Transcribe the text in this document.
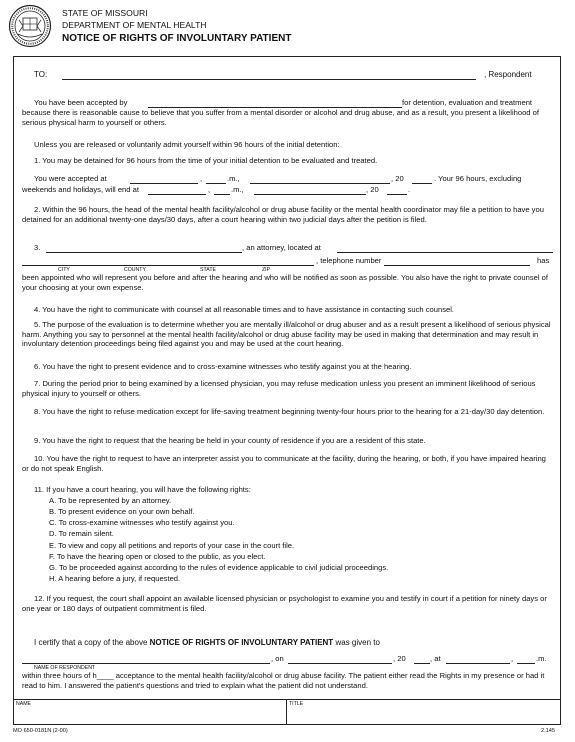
STATE OF MISSOURI
DEPARTMENT OF MENTAL HEALTH
NOTICE OF RIGHTS OF INVOLUNTARY PATIENT
TO:	, Respondent
You have been accepted by	for detention, evaluation and treatment
because there is reasonable cause to believe that you suffer from a mental disorder or alcohol and drug abuse, and as a result, you present a likelihood of serious physical harm to yourself or others.
Unless you are released or voluntarily admit yourself within 96 hours of the initial detention:
1. You may be detained for 96 hours from the time of your initial detention to be evaluated and treated.
You were accepted at	,	.m.,	, 20	. Your 96 hours, excluding
weekends and holidays, will end at	,	.m.,	, 20	.
2. Within the 96 hours, the head of the mental health facility/alcohol or drug abuse facility or the mental health coordinator may file a petition to have you detained for an additional twenty-one days/30 days, after a court hearing within two judicial days after the petition is filed.
3.	, an attorney, located at
, telephone number	has
CITY	COUNTY	STATE	ZIP
been appointed who will represent you before and after the hearing and who will be notified as soon as possible. You also have the right to private counsel of your choosing at your own expense.
4. You have the right to communicate with counsel at all reasonable times and to have assistance in contacting such counsel.
5. The purpose of the evaluation is to determine whether you are mentally ill/alcohol or drug abuser and as a result present a likelihood of serious physical harm. Anything you say to personnel at the mental health facility/alcohol or drug abuse facility may be used in making that determination and may result in involuntary detention proceedings being filed against you and may be used at the court hearing.
6. You have the right to present evidence and to cross-examine witnesses who testify against you at the hearing.
7. During the period prior to being examined by a licensed physician, you may refuse medication unless you present an imminent likelihood of serious physical injury to yourself or others.
8. You have the right to refuse medication except for life-saving treatment beginning twenty-four hours prior to the hearing for a 21-day/30 day detention.
9. You have the right to request that the hearing be held in your county of residence if you are a resident of this state.
10. You have the right to request to have an interpreter assist you to communicate at the facility, during the hearing, or both, if you have impaired hearing or do not speak English.
11. If you have a court hearing, you will have the following rights:
A. To be represented by an attorney.
B. To present evidence on your own behalf.
C. To cross-examine witnesses who testify against you.
D. To remain silent.
E. To view and copy all petitions and reports of your case in the court file.
F. To have the hearing open or closed to the public, as you elect.
G. To be proceeded against according to the rules of evidence applicable to civil judicial proceedings.
H. A hearing before a jury, if requested.
12. If you request, the court shall appoint an available licensed physician or psychologist to examine you and testify in court if a petition for ninety days or one year or 180 days of outpatient commitment is filed.
I certify that a copy of the above NOTICE OF RIGHTS OF INVOLUNTARY PATIENT was given to
, on	, 20	, at	,	.m.
NAME OF RESPONDENT
within three hours of h____ acceptance to the mental health facility/alcohol or drug abuse facility. The patient either read the Rights in my presence or had it read to him. I answered the patient's questions and tried to explain what the patient did not understand.
NAME	TITLE
MO 650-0181N (2-00)	2.145
